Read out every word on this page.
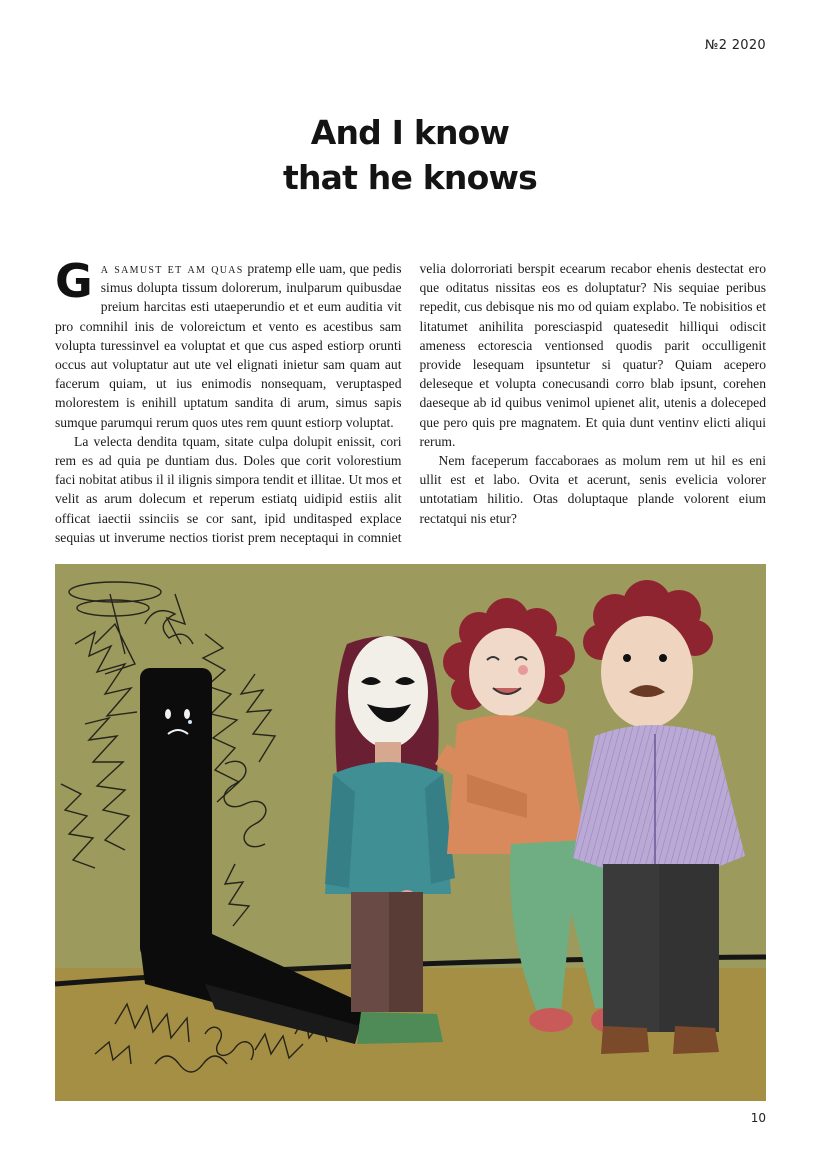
№2 2020
And I know
that he knows

Ga samust et am quas pratemp elle uam, que pedis simus dolupta tissum dolorerum, inulparum quibusdae preium harcitas esti utaeperundio et et eum auditia vit pro comnihil inis de voloreictum et vento es acestibus sam volupta turessinvel ea voluptat et que cus asped estiorp orunti occus aut voluptatur aut ute vel elignati inietur sam quam aut facerum quiam, ut ius enimodis nonsequam, veruptasped molorestem is enihill uptatum sandita di arum, simus sapis sumque parumqui rerum quos utes rem quunt estiorp voluptat.

La velecta dendita tquam, sitate culpa dolupit enissit, cori rem es ad quia pe duntiam dus. Doles que corit volorestium faci nobitat atibus il il ilignis simpora tendit et illitae. Ut mos et velit as arum dolecum et reperum estiatq uidipid estiis alit officat iaectii ssinciis se cor sant, ipid unditasped explace sequias ut inverume nectios tiorist prem neceptaqui in comniet velia dolorroriati berspit ecearum recabor ehenis destectat ero que oditatus nissitas eos es doluptatur? Nis sequiae peribus repedit, cus debisque nis mo od quiam explabo. Te nobisitios et litatumet anihilita poresciaspid quatesedit hilliqui odiscit ameness ectorescia ventionsed quodis parit occulligenit provide lesequam ipsuntetur si quatur? Quiam acepero deleseque et volupta conecusandi corro blab ipsunt, corehen daeseque ab id quibus venimol upienet alit, utenis a doleceped que pero quis pre magnatem. Et quia dunt ventinv elicti aliqui rerum.

Nem faceperum faccaboraes as molum rem ut hil es eni ullit est et labo. Ovita et acerunt, senis evelicia volorer untotatiam hilitio. Otas doluptaque plande volorent eium rectatqui nis etur?

10
